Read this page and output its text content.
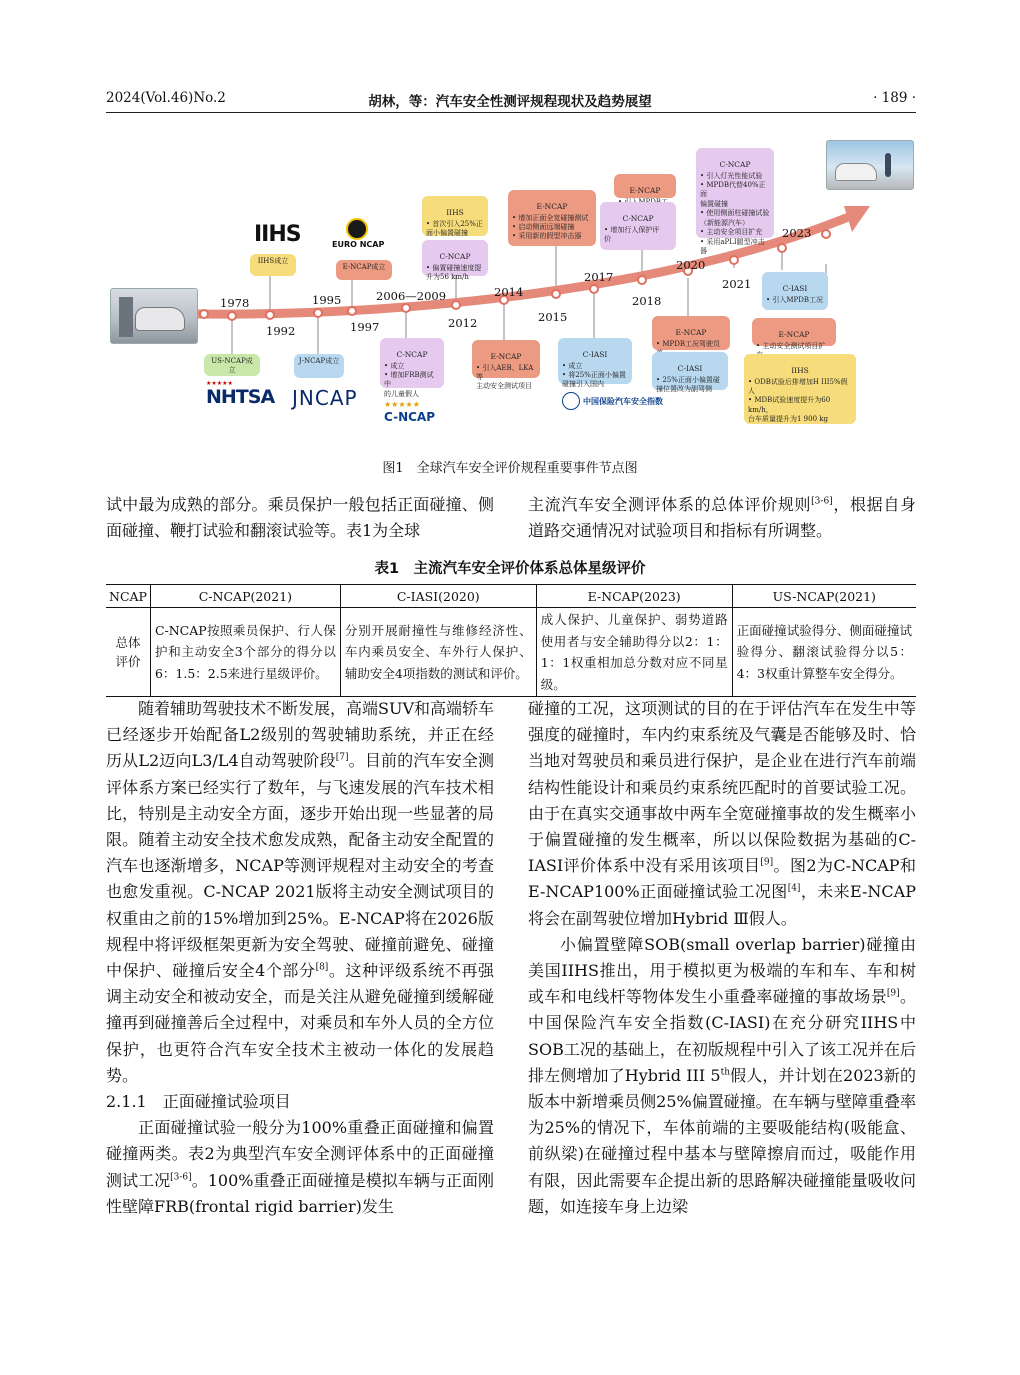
2024(Vol.46)No.2	胡林，等：汽车安全性测评规程现状及趋势展望	· 189 ·
1978
1992
1995
1997
2006—2009
2012
2014
2015
2017
2018
2020
2021
2023
IIHS	EURO NCAP
★★★★★
NHTSA JNCAP	★★★★★
C-NCAP
中国保险汽车安全指数
US-NCAP成立
IIHS成立
J-NCAP成立
E-NCAP成立

C-NCAP
• 成立
• 增加FRB测试中
的儿童假人

IIHS
• 首次引入25%正
面小偏置碰撞

C-NCAP
• 偏置碰撞速度提
升为56 km/h

E-NCAP
• 增加正面全宽碰撞测试
• 启动侧面远端碰撞
• 采用新的假型冲击器

E-NCAP
• 引入AEB、LKA等
主动安全测试项目

C-IASI
• 成立
• 将25%正面小偏置
碰撞引入国内

E-NCAP

C-NCAP
• 增加行人保护评
价

E-NCAP
• MPDB工况驾驶员

C-IASI
• 25%正面小偏置碰
撞位置改为副驾侧

C-NCAP
• 引入灯光性能试验
• MPDB代替40%正面
偏置碰撞
• 使用侧面柱碰撞试验
（新能源汽车）
• 主动安全项目扩充
• 采用aPLI腿型冲击器

C-IASI
• 引入MPDB工况

E-NCAP
• 主动安全测试项目扩

IIHS
• ODB试验后排增加H III5%假人
• MDB试验速度提升为60 km/h，
台车质量提升为1 900 kg

图1　全球汽车安全评价规程重要事件节点图

试中最为成熟的部分。乘员保护一般包括正面碰撞、侧面碰撞、鞭打试验和翻滚试验等。表1为全球

主流汽车安全测评体系的总体评价规则[3-6]，根据自身道路交通情况对试验项目和指标有所调整。

表1　主流汽车安全评价体系总体星级评价
NCAP	C-NCAP(2021)	C-IASI(2020)	E-NCAP(2023)	US-NCAP(2021)
总体评价	C-NCAP按照乘员保护、行人保护和主动安全3个部分的得分以6：1.5：2.5来进行星级评价。	分别开展耐撞性与维修经济性、车内乘员安全、车外行人保护、辅助安全4项指数的测试和评价。	成人保护、儿童保护、弱势道路使用者与安全辅助得分以2：1：1：1权重相加总分数对应不同星级。	正面碰撞试验得分、侧面碰撞试验得分、翻滚试验得分以5：4：3权重计算整车安全得分。

随着辅助驾驶技术不断发展，高端SUV和高端轿车已经逐步开始配备L2级别的驾驶辅助系统，并正在经历从L2迈向L3/L4自动驾驶阶段[7]。目前的汽车安全测评体系方案已经实行了数年，与飞速发展的汽车技术相比，特别是主动安全方面，逐步开始出现一些显著的局限。随着主动安全技术愈发成熟，配备主动安全配置的汽车也逐渐增多，NCAP等测评规程对主动安全的考查也愈发重视。C-NCAP 2021版将主动安全测试项目的权重由之前的15%增加到25%。E-NCAP将在2026版规程中将评级框架更新为安全驾驶、碰撞前避免、碰撞中保护、碰撞后安全4个部分[8]。这种评级系统不再强调主动安全和被动安全，而是关注从避免碰撞到缓解碰撞再到碰撞善后全过程中，对乘员和车外人员的全方位保护，也更符合汽车安全技术主被动一体化的发展趋势。

2.1.1　正面碰撞试验项目

正面碰撞试验一般分为100%重叠正面碰撞和偏置碰撞两类。表2为典型汽车安全测评体系中的正面碰撞测试工况[3-6]。100%重叠正面碰撞是模拟车辆与正面刚性壁障FRB(frontal rigid barrier)发生

碰撞的工况，这项测试的目的在于评估汽车在发生中等强度的碰撞时，车内约束系统及气囊是否能够及时、恰当地对驾驶员和乘员进行保护，是企业在进行汽车前端结构性能设计和乘员约束系统匹配时的首要试验工况。由于在真实交通事故中两车全宽碰撞事故的发生概率小于偏置碰撞的发生概率，所以以保险数据为基础的C-IASI评价体系中没有采用该项目[9]。图2为C-NCAP和E-NCAP100%正面碰撞试验工况图[4]，未来E-NCAP将会在副驾驶位增加Hybrid Ⅲ假人。

小偏置壁障SOB(small overlap barrier)碰撞由美国IIHS推出，用于模拟更为极端的车和车、车和树或车和电线杆等物体发生小重叠率碰撞的事故场景[9]。中国保险汽车安全指数(C-IASI)在充分研究IIHS中SOB工况的基础上，在初版规程中引入了该工况并在后排左侧增加了Hybrid III 5th假人，并计划在2023新的版本中新增乘员侧25%偏置碰撞。在车辆与壁障重叠率为25%的情况下，车体前端的主要吸能结构(吸能盒、前纵梁)在碰撞过程中基本与壁障擦肩而过，吸能作用有限，因此需要车企提出新的思路解决碰撞能量吸收问题，如连接车身上边梁
